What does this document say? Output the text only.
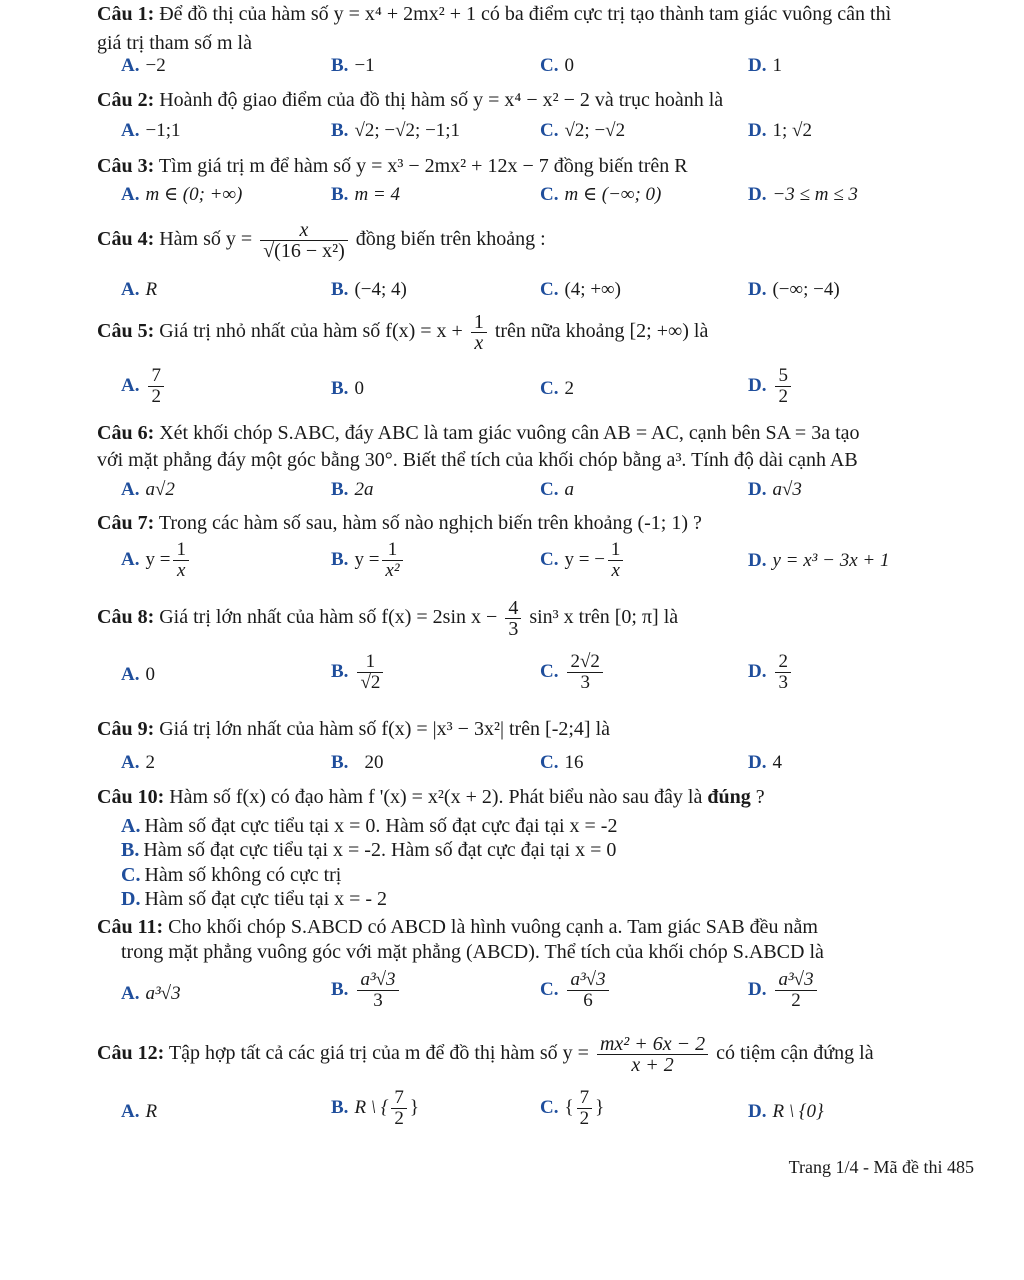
Câu 1: Để đồ thị của hàm số y = x⁴ + 2mx² + 1 có ba điểm cực trị tạo thành tam giác vuông cân thì
giá trị tham số m là
A. −2	B. −1	C. 0	D. 1
Câu 2: Hoành độ giao điểm của đồ thị hàm số y = x⁴ − x² − 2 và trục hoành là
A. −1;1	B. √2; −√2; −1;1	C. √2; −√2	D. 1; √2
Câu 3: Tìm giá trị m để hàm số y = x³ − 2mx² + 12x − 7 đồng biến trên R
A. m ∈ (0; +∞)	B. m = 4	C. m ∈ (−∞; 0)	D. −3 ≤ m ≤ 3
Câu 4: Hàm số $y = \frac{x}{\text{√(16 − x²)}}$ đồng biến trên khoảng :
A. R	B. (−4; 4)	C. (4; +∞)	D. (−∞; −4)
Câu 5: Giá trị nhỏ nhất của hàm số $f(x) = x + \frac{1}{x}$ trên nữa khoảng [2; +∞) là
A. $\frac{7}{2}$	B. 0	C. 2	D. $\frac{5}{2}$
Câu 6: Xét khối chóp S.ABC, đáy ABC là tam giác vuông cân AB = AC, cạnh bên SA = 3a tạo
với mặt phẳng đáy một góc bằng 30°. Biết thể tích của khối chóp bằng a³. Tính độ dài cạnh AB
A. a√2	B. 2a	C. a	D. a√3
Câu 7: Trong các hàm số sau, hàm số nào nghịch biến trên khoảng (-1; 1) ?
A. $y = \frac{1}{x}$	B. $y = \frac{1}{\text{x²}}$	C. y = − $\frac{1}{x}$	D. y = x³ − 3x + 1
Câu 8: Giá trị lớn nhất của hàm số f(x) = 2sin $x - \frac{4}{3} \sin^3$ x trên [0; π] là
A. 0	B. $\frac{1}{√2}$	C. $\frac{2√2}{3}$	D. $\frac{2}{3}$
Câu 9: Giá trị lớn nhất của hàm số f(x) = |x³ − 3x²| trên [-2;4] là
A. 2	B. 20	C. 16	D. 4
Câu 10: Hàm số f(x) có đạo hàm f '(x) = x²(x + 2). Phát biểu nào sau đây là đúng ?
A. Hàm số đạt cực tiểu tại x = 0. Hàm số đạt cực đại tại x = -2
B. Hàm số đạt cực tiểu tại x = -2. Hàm số đạt cực đại tại x = 0
C. Hàm số không có cực trị
D. Hàm số đạt cực tiểu tại x = - 2
Câu 11: Cho khối chóp S.ABCD có ABCD là hình vuông cạnh a. Tam giác SAB đều nằm
trong mặt phẳng vuông góc với mặt phẳng (ABCD). Thể tích của khối chóp S.ABCD là
A. a³√3	B. $\frac{\text{a³√3}}{3}$	C. $\frac{\text{a³√3}}{6}$	D. $\frac{\text{a³√3}}{2}$
Câu 12: Tập hợp tất cả các giá trị của m để đồ thị hàm số $y = \frac{\text{mx² + 6x − 2}}{x + 2}$ có tiệm cận đứng là
A. R	B. R \ { $\frac{7}{2}$ }	C. { $\frac{7}{2}$ }	D. R \ {0}
Trang 1/4 - Mã đề thi 485
